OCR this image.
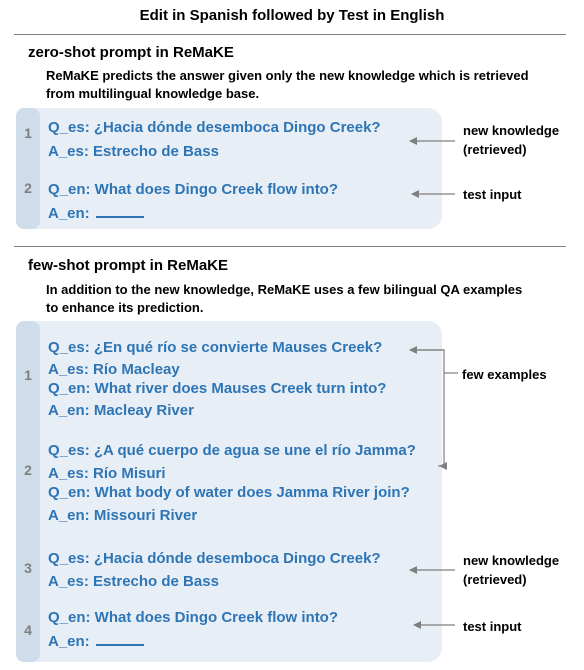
Edit in Spanish followed by Test in English
zero-shot prompt in ReMaKE
ReMaKE predicts the answer given only the new knowledge which is retrieved
from multilingual knowledge base.
1
2
Q_es: ¿Hacia dónde desemboca Dingo Creek?
A_es: Estrecho de Bass
Q_en: What does Dingo Creek flow into?
A_en:
new knowledge
(retrieved)
test input
few-shot prompt in ReMaKE
In addition to the new knowledge, ReMaKE uses a few bilingual QA examples
to enhance its prediction.
1
2
3
4
Q_es: ¿En qué río se convierte Mauses Creek?
A_es: Río Macleay
Q_en: What river does Mauses Creek turn into?
A_en: Macleay River
Q_es: ¿A qué cuerpo de agua se une el río Jamma?
A_es: Río Misuri
Q_en: What body of water does Jamma River join?
A_en: Missouri River
Q_es: ¿Hacia dónde desemboca Dingo Creek?
A_es: Estrecho de Bass
Q_en: What does Dingo Creek flow into?
A_en:
few examples
new knowledge
(retrieved)
test input
